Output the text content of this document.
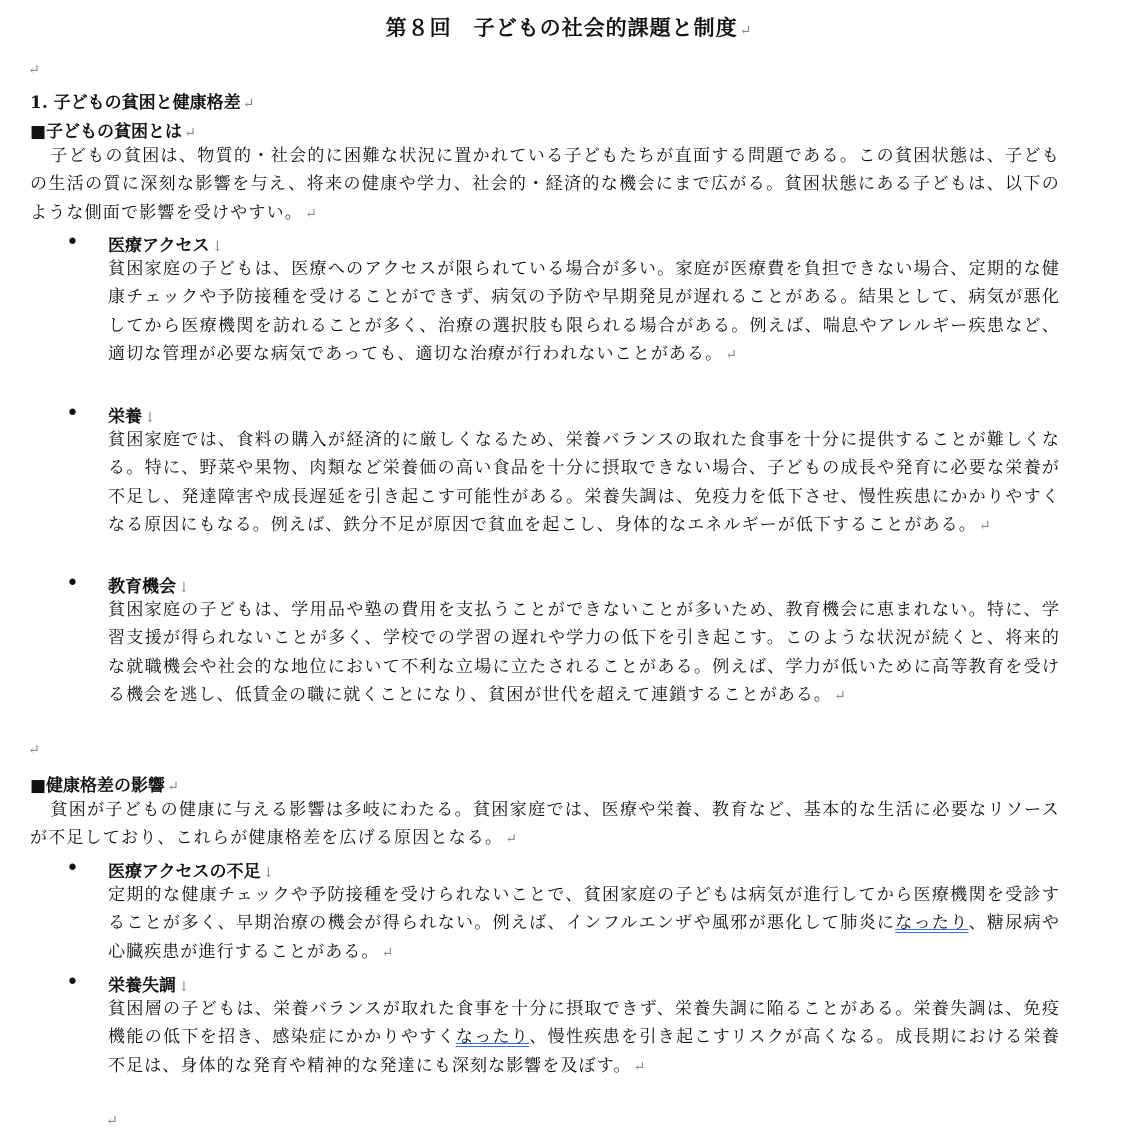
第８回　子どもの社会的課題と制度 ↵
↵
1. 子どもの貧困と健康格差 ↵
■子どもの貧困とは ↵
子どもの貧困は、物質的・社会的に困難な状況に置かれている子どもたちが直面する問題である。この貧困状態は、子どもの生活の質に深刻な影響を与え、将来の健康や学力、社会的・経済的な機会にまで広がる。貧困状態にある子どもは、以下のような側面で影響を受けやすい。 ↵
• 医療アクセス ↓
貧困家庭の子どもは、医療へのアクセスが限られている場合が多い。家庭が医療費を負担できない場合、定期的な健康チェックや予防接種を受けることができず、病気の予防や早期発見が遅れることがある。結果として、病気が悪化してから医療機関を訪れることが多く、治療の選択肢も限られる場合がある。例えば、喘息やアレルギー疾患など、適切な管理が必要な病気であっても、適切な治療が行われないことがある。 ↵
• 栄養 ↓
貧困家庭では、食料の購入が経済的に厳しくなるため、栄養バランスの取れた食事を十分に提供することが難しくなる。特に、野菜や果物、肉類など栄養価の高い食品を十分に摂取できない場合、子どもの成長や発育に必要な栄養が不足し、発達障害や成長遅延を引き起こす可能性がある。栄養失調は、免疫力を低下させ、慢性疾患にかかりやすくなる原因にもなる。例えば、鉄分不足が原因で貧血を起こし、身体的なエネルギーが低下することがある。 ↵
• 教育機会 ↓
貧困家庭の子どもは、学用品や塾の費用を支払うことができないことが多いため、教育機会に恵まれない。特に、学習支援が得られないことが多く、学校での学習の遅れや学力の低下を引き起こす。このような状況が続くと、将来的な就職機会や社会的な地位において不利な立場に立たされることがある。例えば、学力が低いために高等教育を受ける機会を逃し、低賃金の職に就くことになり、貧困が世代を超えて連鎖することがある。 ↵
↵
■健康格差の影響 ↵
貧困が子どもの健康に与える影響は多岐にわたる。貧困家庭では、医療や栄養、教育など、基本的な生活に必要なリソースが不足しており、これらが健康格差を広げる原因となる。 ↵
• 医療アクセスの不足 ↓
定期的な健康チェックや予防接種を受けられないことで、貧困家庭の子どもは病気が進行してから医療機関を受診することが多く、早期治療の機会が得られない。例えば、インフルエンザや風邪が悪化して肺炎になったり、糖尿病や心臓疾患が進行することがある。 ↵
• 栄養失調 ↓
貧困層の子どもは、栄養バランスが取れた食事を十分に摂取できず、栄養失調に陥ることがある。栄養失調は、免疫機能の低下を招き、感染症にかかりやすくなったり、慢性疾患を引き起こすリスクが高くなる。成長期における栄養不足は、身体的な発育や精神的な発達にも深刻な影響を及ぼす。 ↵
↵
